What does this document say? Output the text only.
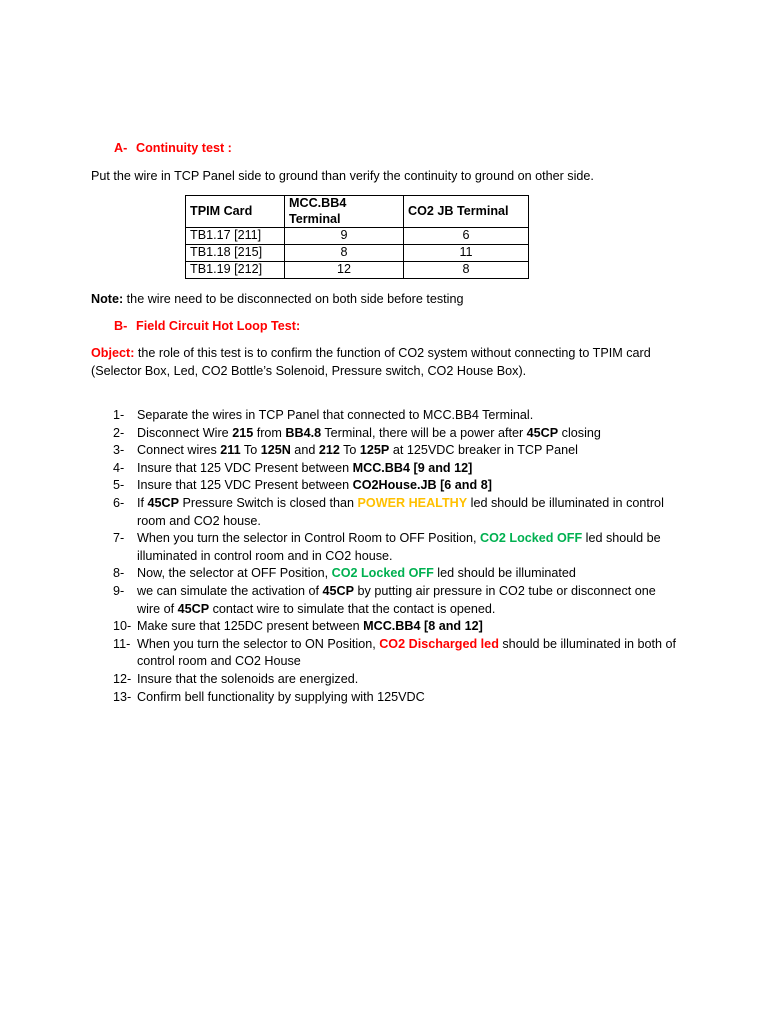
A- Continuity test :
Put the wire in TCP Panel side to ground than verify the continuity to ground on other side.
TPIM Card	MCC.BB4 Terminal	CO2 JB Terminal
TB1.17 [211]	9	6
TB1.18 [215]	8	11
TB1.19 [212]	12	8
Note: the wire need to be disconnected on both side before testing
B- Field Circuit Hot Loop Test:
Object: the role of this test is to confirm the function of CO2 system without connecting to TPIM card (Selector Box, Led, CO2 Bottle’s Solenoid, Pressure switch, CO2 House Box).
1- Separate the wires in TCP Panel that connected to MCC.BB4 Terminal.
2- Disconnect Wire 215 from BB4.8 Terminal, there will be a power after 45CP closing
3- Connect wires 211 To 125N and 212 To 125P at 125VDC breaker in TCP Panel
4- Insure that 125 VDC Present between MCC.BB4 [9 and 12]
5- Insure that 125 VDC Present between CO2House.JB [6 and 8]
6- If 45CP Pressure Switch is closed than POWER HEALTHY led should be illuminated in control room and CO2 house.
7- When you turn the selector in Control Room to OFF Position, CO2 Locked OFF led should be illuminated in control room and in CO2 house.
8- Now, the selector at OFF Position, CO2 Locked OFF led should be illuminated
9- we can simulate the activation of 45CP by putting air pressure in CO2 tube or disconnect one wire of 45CP contact wire to simulate that the contact is opened.
10- Make sure that 125DC present between MCC.BB4 [8 and 12]
11- When you turn the selector to ON Position, CO2 Discharged led should be illuminated in both of control room and CO2 House
12- Insure that the solenoids are energized.
13- Confirm bell functionality by supplying with 125VDC
